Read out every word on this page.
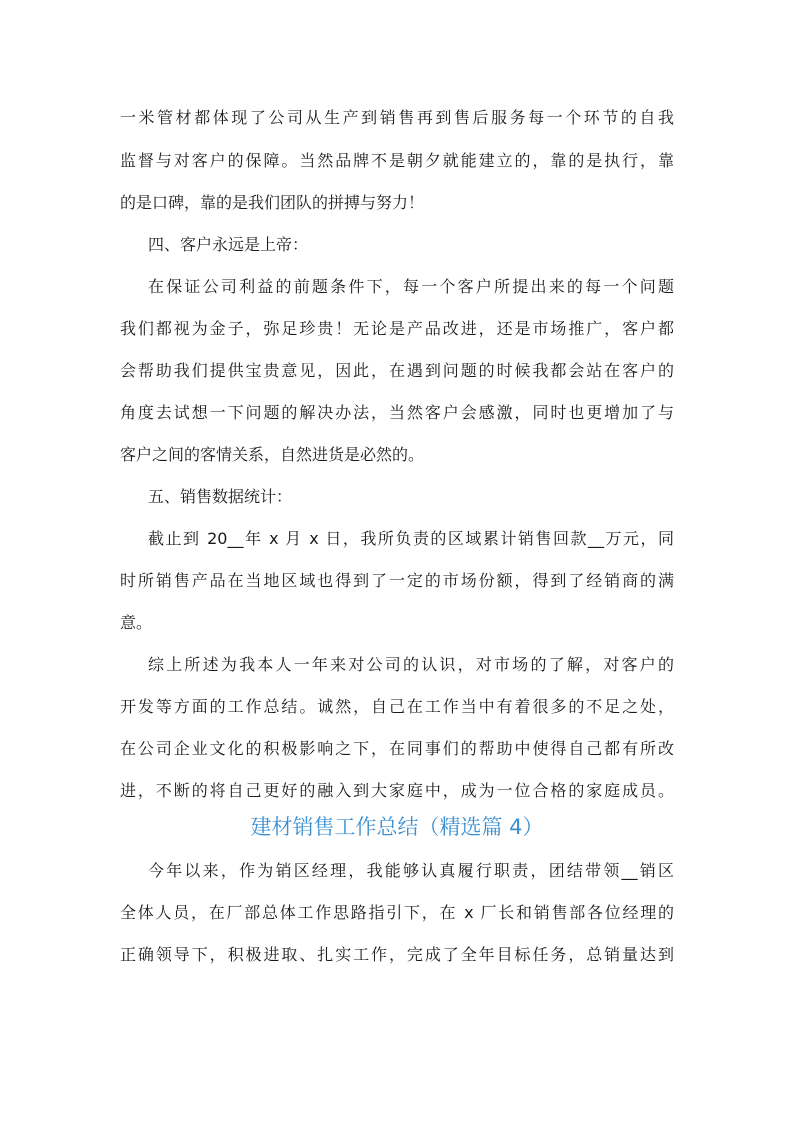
一米管材都体现了公司从生产到销售再到售后服务每一个环节的自我
监督与对客户的保障。当然品牌不是朝夕就能建立的，靠的是执行，靠
的是口碑，靠的是我们团队的拼搏与努力！
四、客户永远是上帝：
在保证公司利益的前题条件下，每一个客户所提出来的每一个问题
我们都视为金子，弥足珍贵！无论是产品改进，还是市场推广，客户都
会帮助我们提供宝贵意见，因此，在遇到问题的时候我都会站在客户的
角度去试想一下问题的解决办法，当然客户会感激，同时也更增加了与
客户之间的客情关系，自然进货是必然的。
五、销售数据统计：
截止到 20__年 x 月 x 日，我所负责的区域累计销售回款__万元，同
时所销售产品在当地区域也得到了一定的市场份额，得到了经销商的满
意。
综上所述为我本人一年来对公司的认识，对市场的了解，对客户的
开发等方面的工作总结。诚然，自己在工作当中有着很多的不足之处，
在公司企业文化的积极影响之下，在同事们的帮助中使得自己都有所改
进，不断的将自己更好的融入到大家庭中，成为一位合格的家庭成员。
建材销售工作总结（精选篇 4）
今年以来，作为销区经理，我能够认真履行职责，团结带领__销区
全体人员，在厂部总体工作思路指引下，在 x 厂长和销售部各位经理的
正确领导下，积极进取、扎实工作，完成了全年目标任务，总销量达到
